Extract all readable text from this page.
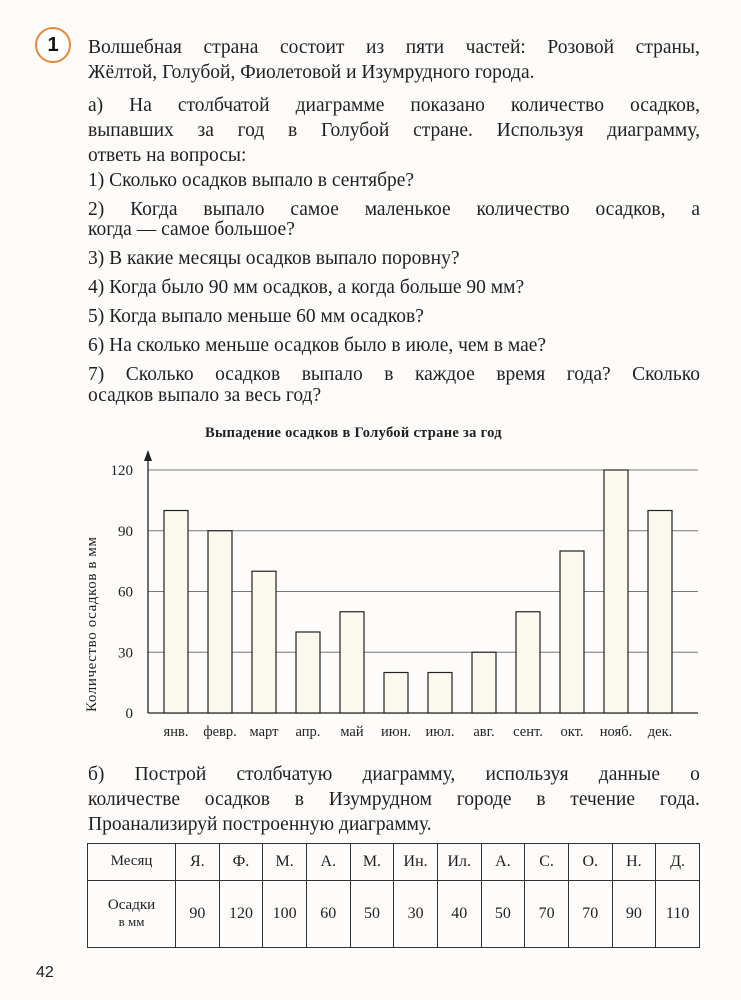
1 Волшебная страна состоит из пяти частей: Розовой страны,
Жёлтой, Голубой, Фиолетовой и Изумрудного города.
а) На столбчатой диаграмме показано количество осадков,
выпавших за год в Голубой стране. Используя диаграмму,
ответь на вопросы:
1) Сколько осадков выпало в сентябре?
2) Когда выпало самое маленькое количество осадков, а
когда — самое большое?
3) В какие месяцы осадков выпало поровну?
4) Когда было 90 мм осадков, а когда больше 90 мм?
5) Когда выпало меньше 60 мм осадков?
6) На сколько меньше осадков было в июле, чем в мае?
7) Сколько осадков выпало в каждое время года? Сколько
осадков выпало за весь год?
Выпадение осадков в Голубой стране за год
Количество осадков в мм
0
30
60
90
120
янв. февр. март апр. май июн. июл. авг. сент. окт. нояб. дек.
б) Построй столбчатую диаграмму, используя данные о
количестве осадков в Изумрудном городе в течение года.
Проанализируй построенную диаграмму.
Месяц	Я.	Ф.	М.	А.	М.	Ин.	Ил.	А.	С.	О.	Н.	Д.
Осадки
в мм	90	120	100	60	50	30	40	50	70	70	90	110
42
